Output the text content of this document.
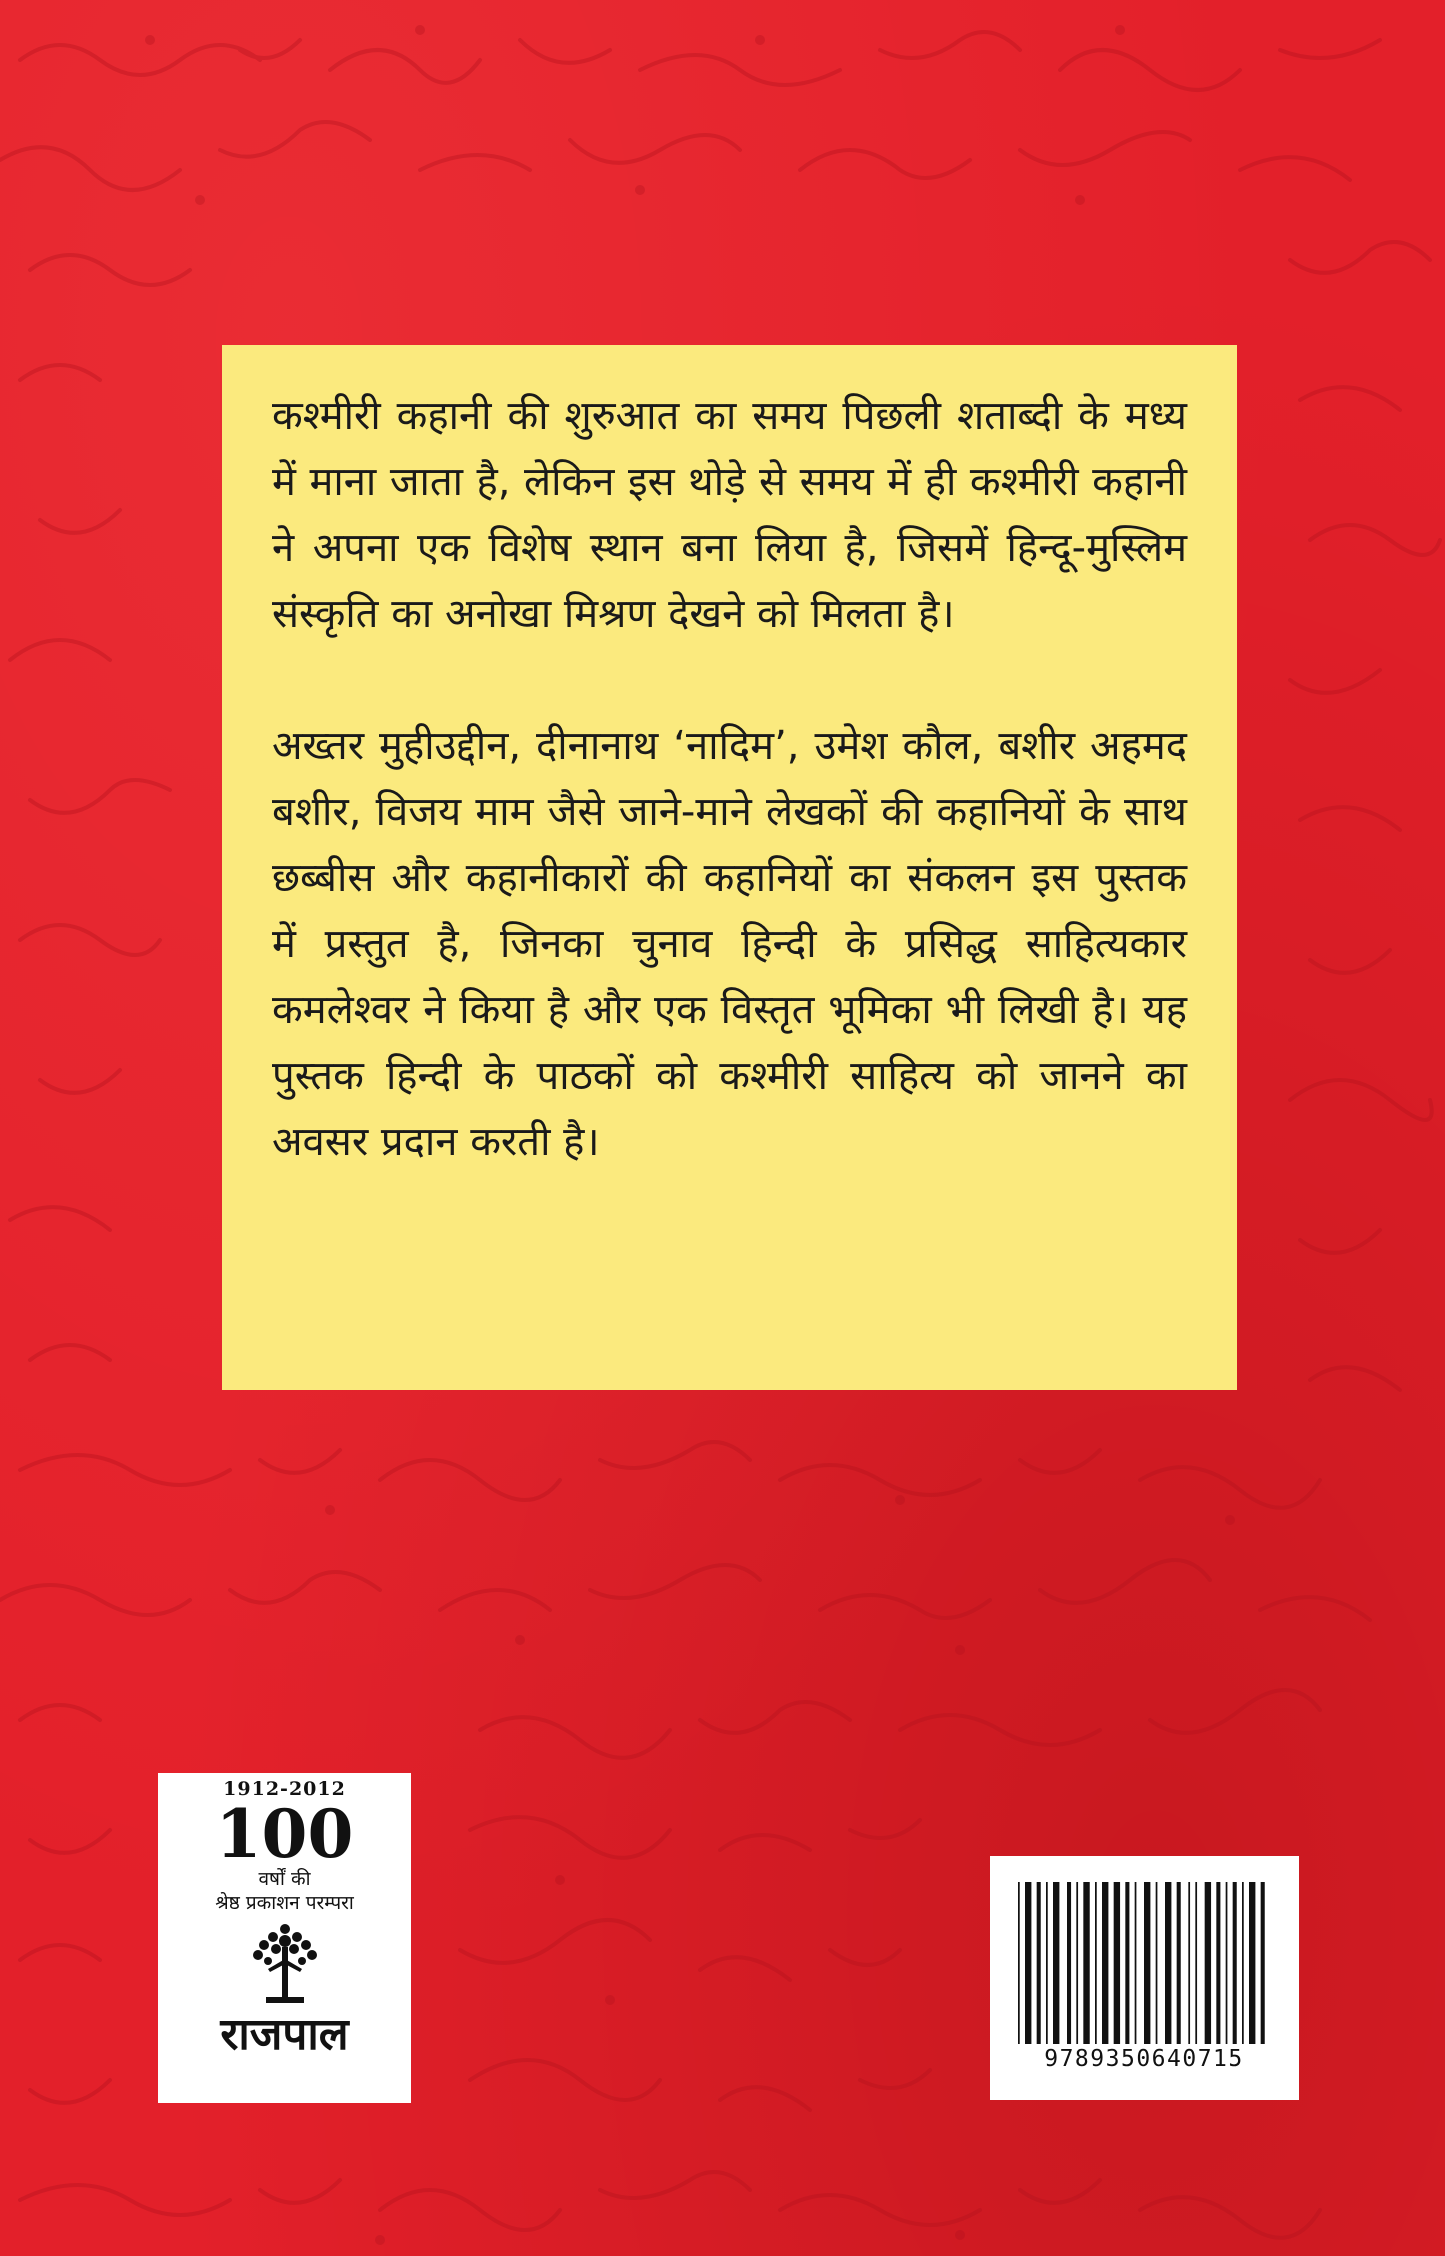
कश्मीरी कहानी की शुरुआत का समय पिछली शताब्दी के मध्य में माना जाता है, लेकिन इस थोड़े से समय में ही कश्मीरी कहानी ने अपना एक विशेष स्थान बना लिया है, जिसमें हिन्दू-मुस्लिम संस्कृति का अनोखा मिश्रण देखने को मिलता है।

अख्तर मुहीउद्दीन, दीनानाथ ‘नादिम’, उमेश कौल, बशीर अहमद बशीर, विजय माम जैसे जाने-माने लेखकों की कहानियों के साथ छब्बीस और कहानीकारों की कहानियों का संकलन इस पुस्तक में प्रस्तुत है, जिनका चुनाव हिन्दी के प्रसिद्ध साहित्यकार कमलेश्वर ने किया है और एक विस्तृत भूमिका भी लिखी है। यह पुस्तक हिन्दी के पाठकों को कश्मीरी साहित्य को जानने का अवसर प्रदान करती है।

1912-2012
100
वर्षों की
श्रेष्ठ प्रकाशन परम्परा
राजपाल	9789350640715
